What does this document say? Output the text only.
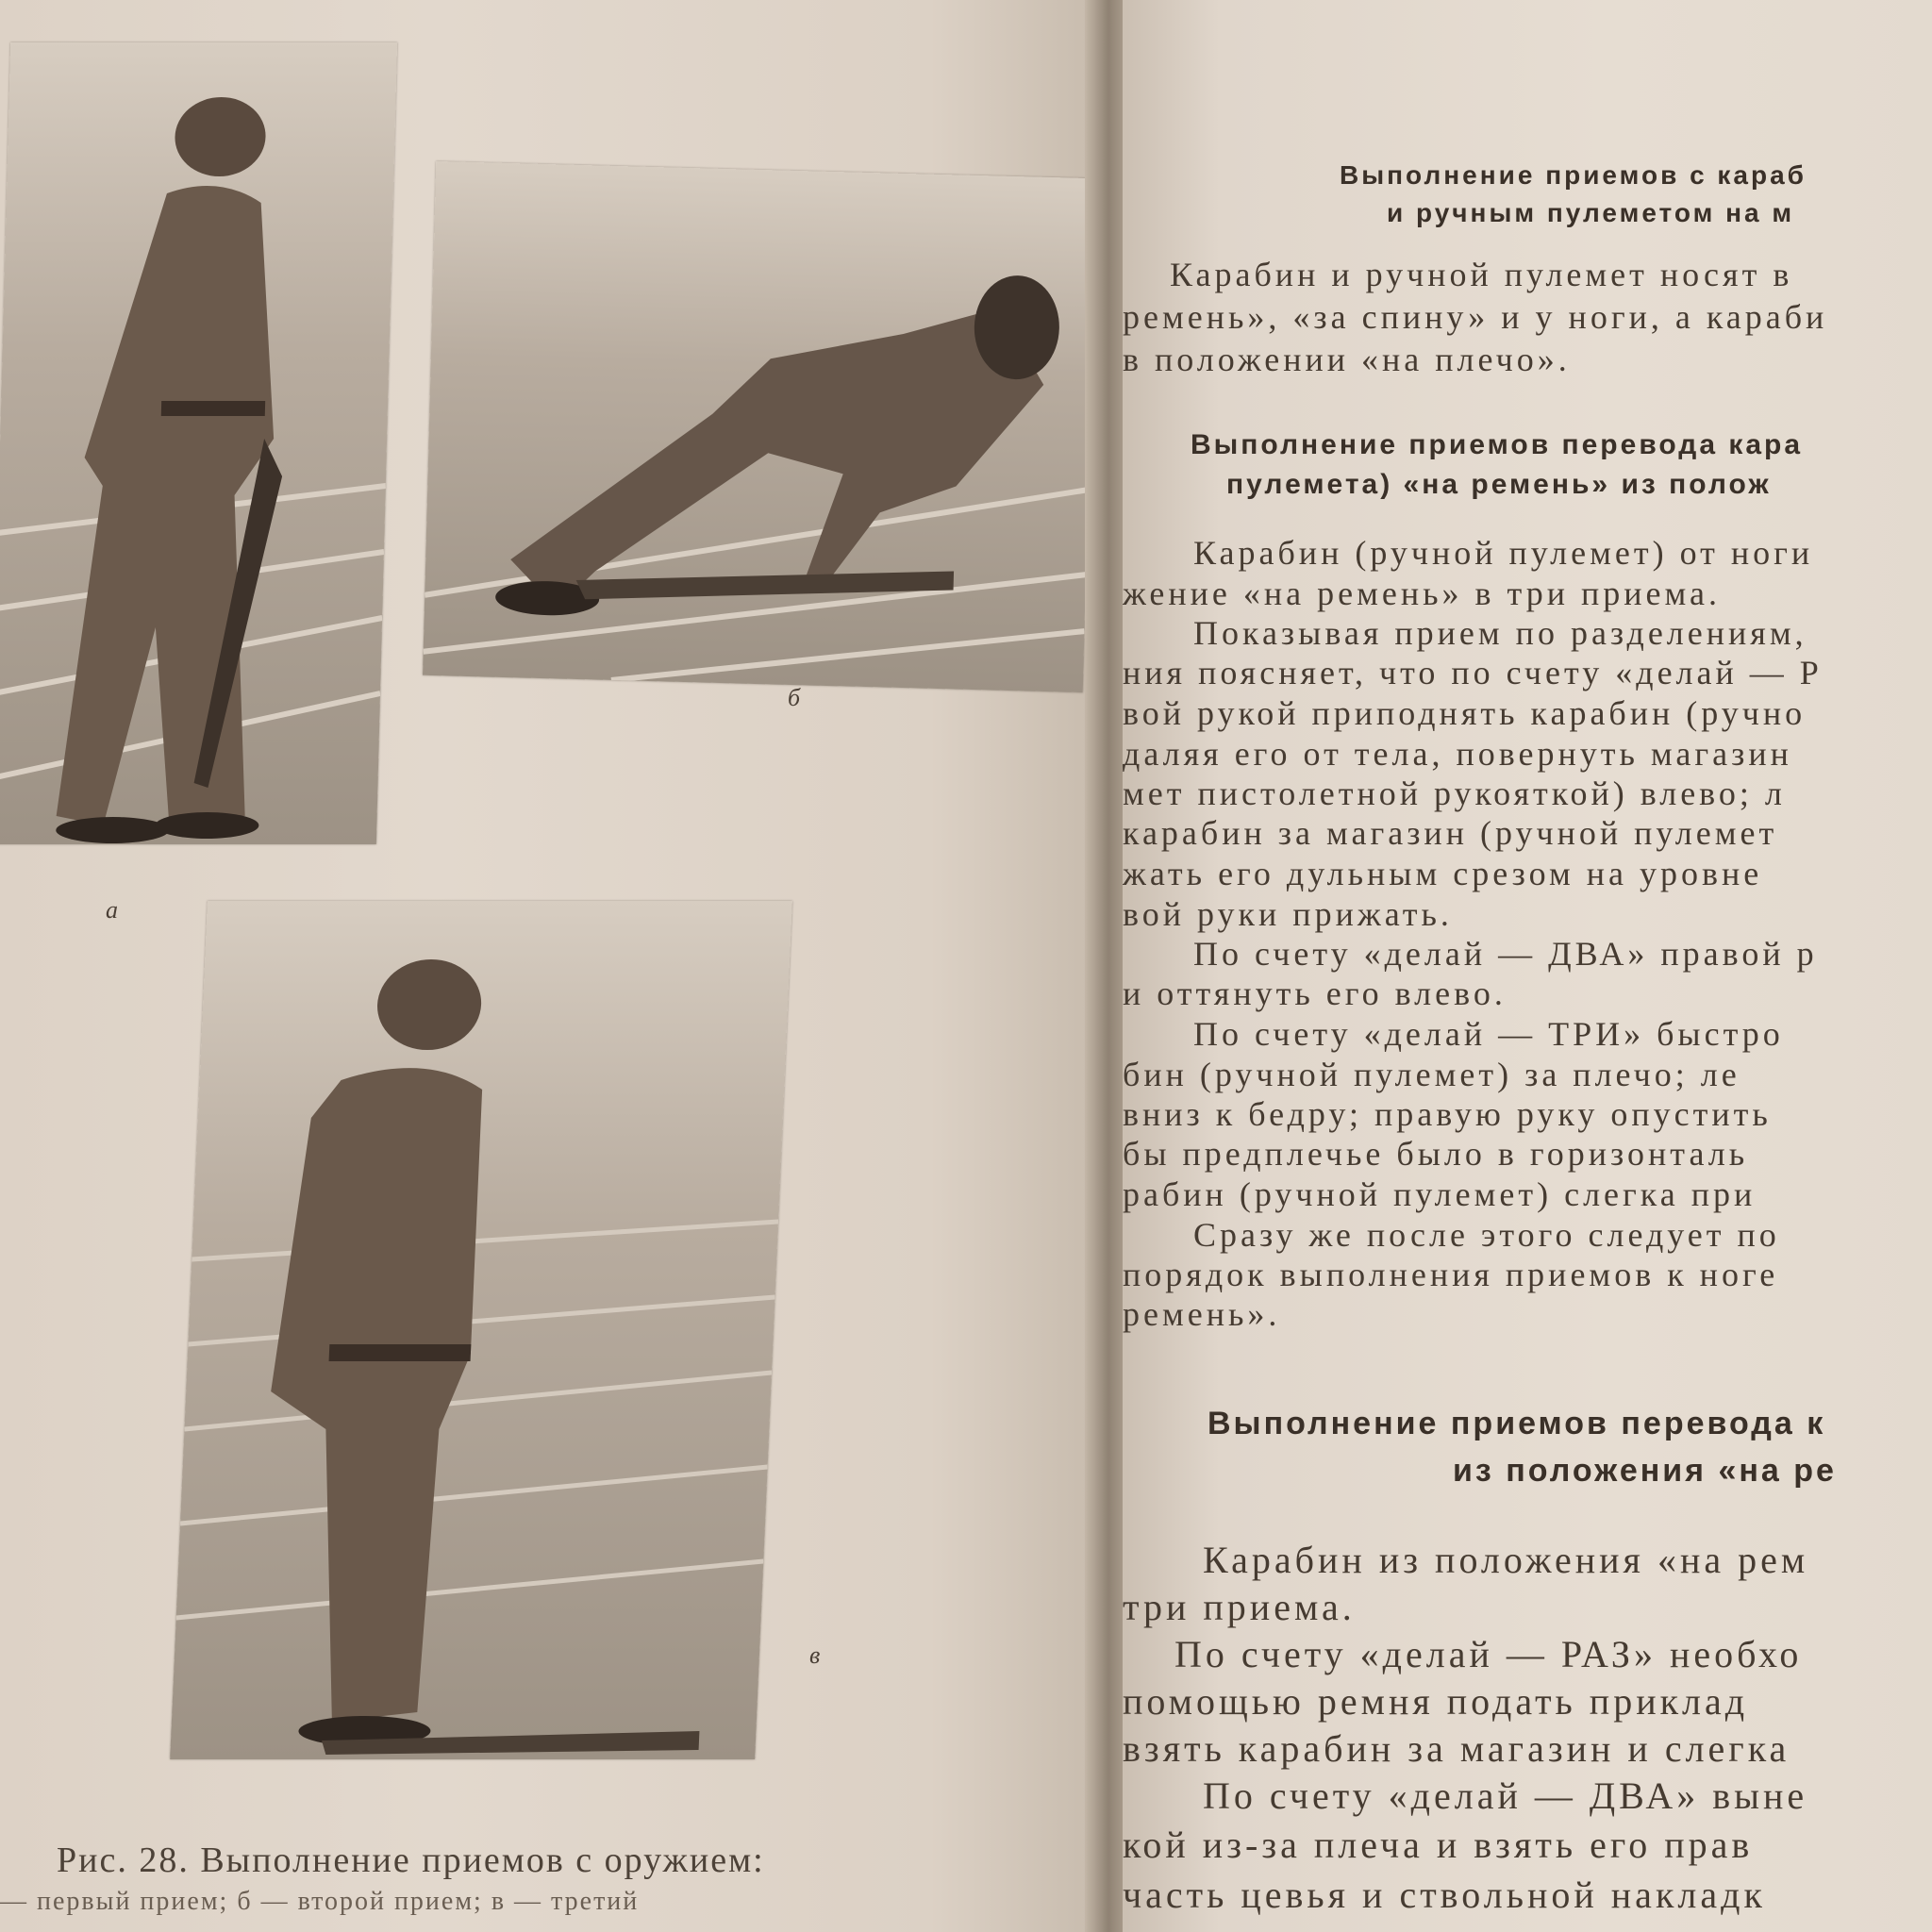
а
б
в
Рис. 28. Выполнение приемов с оружием:
— первый прием; б — второй прием; в — третий
Выполнение приемов с караб
и ручным пулеметом на м
Карабин и ручной пулемет носят в
ремень», «за спину» и у ноги, а караби
в положении «на плечо».
Выполнение приемов перевода кара
пулемета) «на ремень» из полож
Карабин (ручной пулемет) от ноги
жение «на ремень» в три приема.
Показывая прием по разделениям,
ния поясняет, что по счету «делай — Р
вой рукой приподнять карабин (ручно
даляя его от тела, повернуть магазин
мет пистолетной рукояткой) влево; л
карабин за магазин (ручной пулемет
жать его дульным срезом на уровне
вой руки прижать.
По счету «делай — ДВА» правой р
и оттянуть его влево.
По счету «делай — ТРИ» быстро
бин (ручной пулемет) за плечо; ле
вниз к бедру; правую руку опустить
бы предплечье было в горизонталь
рабин (ручной пулемет) слегка при
Сразу же после этого следует по
порядок выполнения приемов к ноге
ремень».
Выполнение приемов перевода к
из положения «на ре
Карабин из положения «на рем
три приема.
По счету «делай — РАЗ» необхо
помощью ремня подать приклад
взять карабин за магазин и слегка
По счету «делай — ДВА» выне
кой из-за плеча и взять его прав
часть цевья и ствольной накладк
